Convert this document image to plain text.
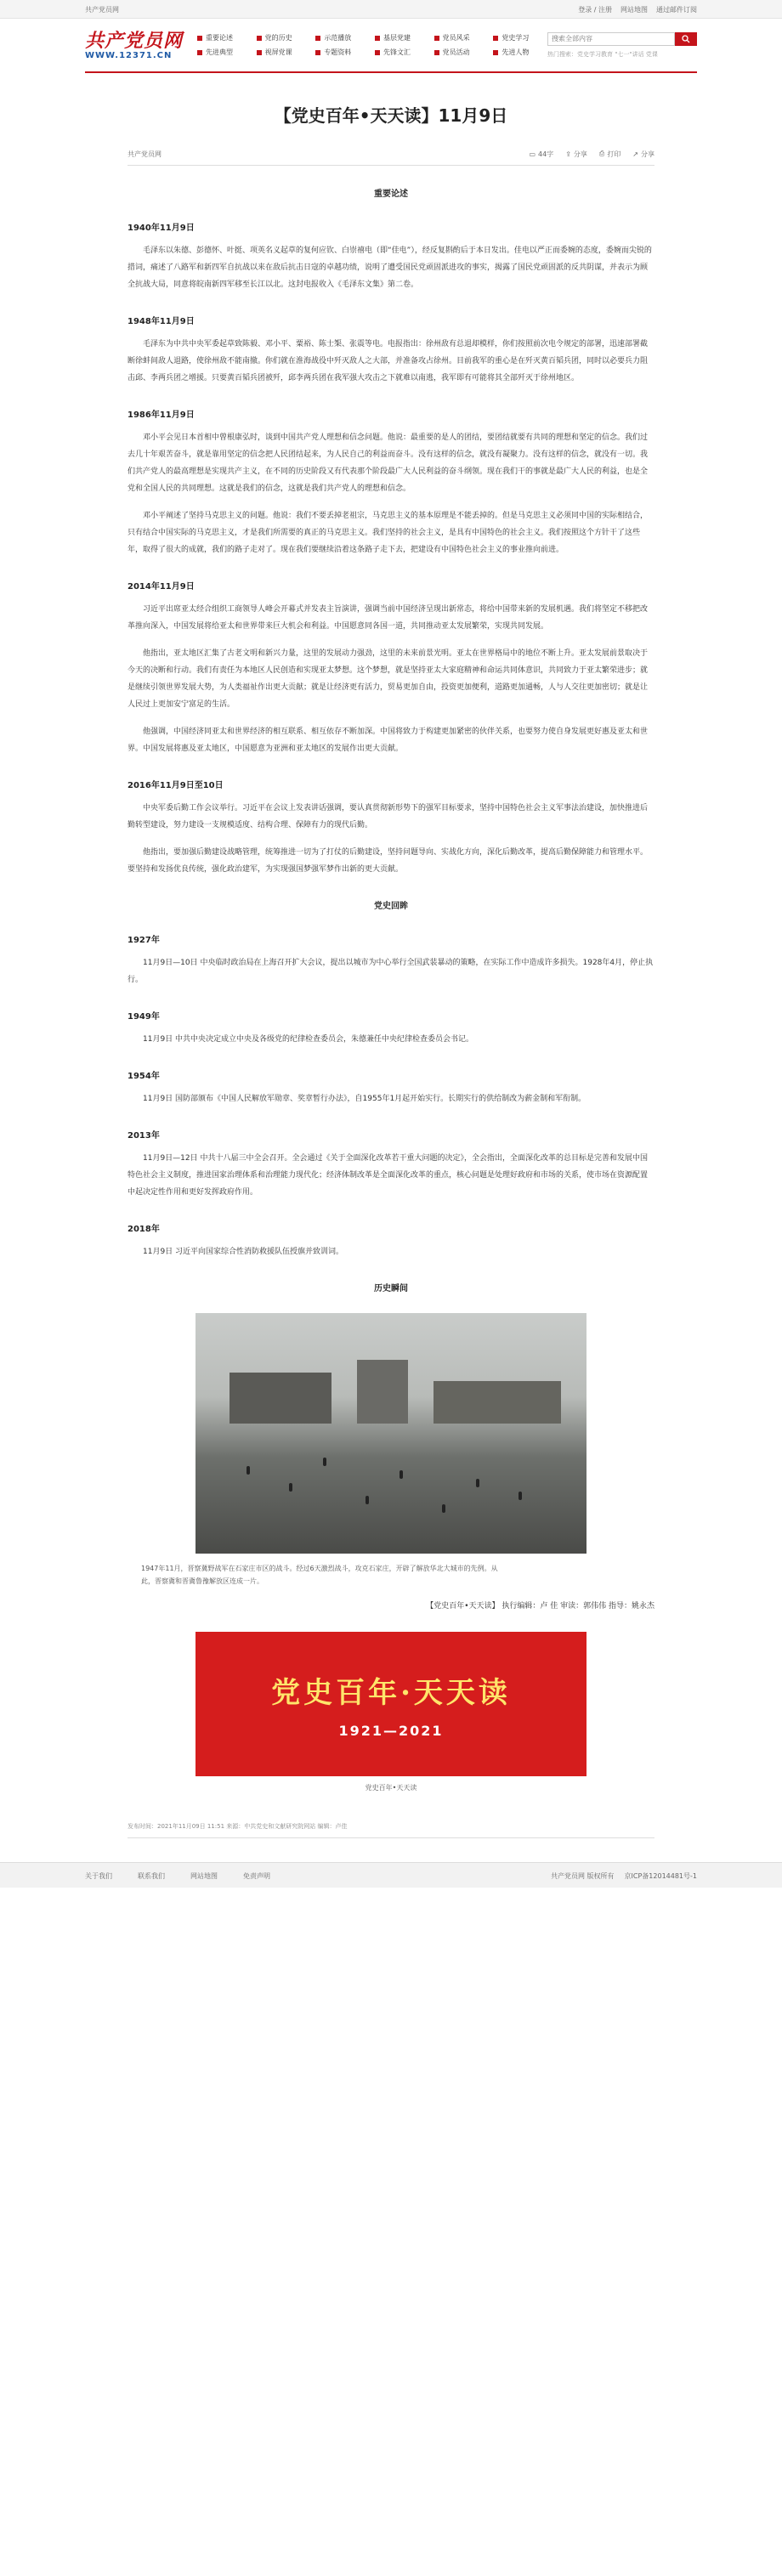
共产党员网	登录 / 注册 网站地图 通过邮件订阅
共产党员网
WWW.12371.CN
重要论述	党的历史	示范播放	基层党建	党员风采	党史学习
先进典型	视屏党课	专题资料	先锋文汇	党员活动	先进人物
搜索全部内容	热门搜索：党史学习教育 "七一"讲话 党课
【党史百年•天天读】11月9日
共产党员网	▭ 44字 ⇪ 分享 ⎙ 打印 ↗ 分享
重要论述
1940年11月9日

毛泽东以朱德、彭德怀、叶挺、项英名义起草的复何应钦、白崇禧电（即“佳电”），经反复斟酌后于本日发出。佳电以严正而委婉的态度，委婉而尖锐的措词，痛述了八路军和新四军自抗战以来在敌后抗击日寇的卓越功绩，说明了遭受国民党顽固派进攻的事实，揭露了国民党顽固派的反共阴谋，并表示为顾全抗战大局，同意将皖南新四军移至长江以北。这封电报收入《毛泽东文集》第二卷。

1948年11月9日

毛泽东为中共中央军委起草致陈毅、邓小平、粟裕、陈士榘、张震等电。电报指出：徐州敌有总退却模样，你们按照前次电令规定的部署，迅速部署截断徐蚌间敌人退路，使徐州敌不能南撤。你们就在淮海战役中歼灭敌人之大部，并准备攻占徐州。目前我军的重心是在歼灭黄百韬兵团，同时以必要兵力阻击邱、李两兵团之增援。只要黄百韬兵团被歼，邱李两兵团在我军强大攻击之下就难以南逃，我军即有可能将其全部歼灭于徐州地区。

1986年11月9日

邓小平会见日本首相中曾根康弘时，谈到中国共产党人理想和信念问题。他说：最重要的是人的团结，要团结就要有共同的理想和坚定的信念。我们过去几十年艰苦奋斗，就是靠用坚定的信念把人民团结起来，为人民自己的利益而奋斗。没有这样的信念，就没有凝聚力。没有这样的信念，就没有一切。我们共产党人的最高理想是实现共产主义，在不同的历史阶段又有代表那个阶段最广大人民利益的奋斗纲领。现在我们干的事就是最广大人民的利益，也是全党和全国人民的共同理想。这就是我们的信念，这就是我们共产党人的理想和信念。

邓小平阐述了坚持马克思主义的问题。他说：我们不要丢掉老祖宗，马克思主义的基本原理是不能丢掉的。但是马克思主义必须同中国的实际相结合，只有结合中国实际的马克思主义，才是我们所需要的真正的马克思主义。我们坚持的社会主义，是具有中国特色的社会主义。我们按照这个方针干了这些年，取得了很大的成就，我们的路子走对了。现在我们要继续沿着这条路子走下去，把建设有中国特色社会主义的事业推向前进。

2014年11月9日

习近平出席亚太经合组织工商领导人峰会开幕式并发表主旨演讲，强调当前中国经济呈现出新常态，将给中国带来新的发展机遇。我们将坚定不移把改革推向深入，中国发展将给亚太和世界带来巨大机会和利益。中国愿意同各国一道，共同推动亚太发展繁荣，实现共同发展。

他指出，亚太地区汇集了古老文明和新兴力量，这里的发展动力强劲，这里的未来前景光明。亚太在世界格局中的地位不断上升。亚太发展前景取决于今天的决断和行动。我们有责任为本地区人民创造和实现亚太梦想。这个梦想，就是坚持亚太大家庭精神和命运共同体意识，共同致力于亚太繁荣进步；就是继续引领世界发展大势，为人类福祉作出更大贡献；就是让经济更有活力，贸易更加自由，投资更加便利，道路更加通畅，人与人交往更加密切；就是让人民过上更加安宁富足的生活。

他强调，中国经济同亚太和世界经济的相互联系、相互依存不断加深。中国将致力于构建更加紧密的伙伴关系，也要努力使自身发展更好惠及亚太和世界。中国发展将惠及亚太地区，中国愿意为亚洲和亚太地区的发展作出更大贡献。

2016年11月9日至10日

中央军委后勤工作会议举行。习近平在会议上发表讲话强调，要认真贯彻新形势下的强军目标要求，坚持中国特色社会主义军事法治建设，加快推进后勤转型建设，努力建设一支规模适度、结构合理、保障有力的现代后勤。

他指出，要加强后勤建设战略管理，统筹推进一切为了打仗的后勤建设，坚持问题导向、实战化方向，深化后勤改革，提高后勤保障能力和管理水平。要坚持和发扬优良传统，强化政治建军，为实现强国梦强军梦作出新的更大贡献。

党史回眸
1927年

11月9日—10日 中央临时政治局在上海召开扩大会议，提出以城市为中心举行全国武装暴动的策略，在实际工作中造成许多损失。1928年4月，停止执行。

1949年

11月9日 中共中央决定成立中央及各级党的纪律检查委员会，朱德兼任中央纪律检查委员会书记。

1954年

11月9日 国防部颁布《中国人民解放军勋章、奖章暂行办法》，自1955年1月起开始实行。长期实行的供给制改为薪金制和军衔制。

2013年

11月9日—12日 中共十八届三中全会召开。全会通过《关于全面深化改革若干重大问题的决定》，全会指出，全面深化改革的总目标是完善和发展中国特色社会主义制度，推进国家治理体系和治理能力现代化；经济体制改革是全面深化改革的重点，核心问题是处理好政府和市场的关系，使市场在资源配置中起决定性作用和更好发挥政府作用。

2018年

11月9日 习近平向国家综合性消防救援队伍授旗并致训词。

历史瞬间
1947年11月，晋察冀野战军在石家庄市区的战斗。经过6天激烈战斗，攻克石家庄，开辟了解放华北大城市的先例。从此，晋察冀和晋冀鲁豫解放区连成一片。
【党史百年•天天读】 执行编辑：卢 佳 审读：郭伟伟 指导：姚永杰
党史百年·天天读
1921—2021
党史百年•天天读
发布时间：2021年11月09日 11:51 来源：中共党史和文献研究院网站 编辑：卢佳
关于我们	联系我们	网站地图	免责声明	共产党员网 版权所有 京ICP备12014481号-1
